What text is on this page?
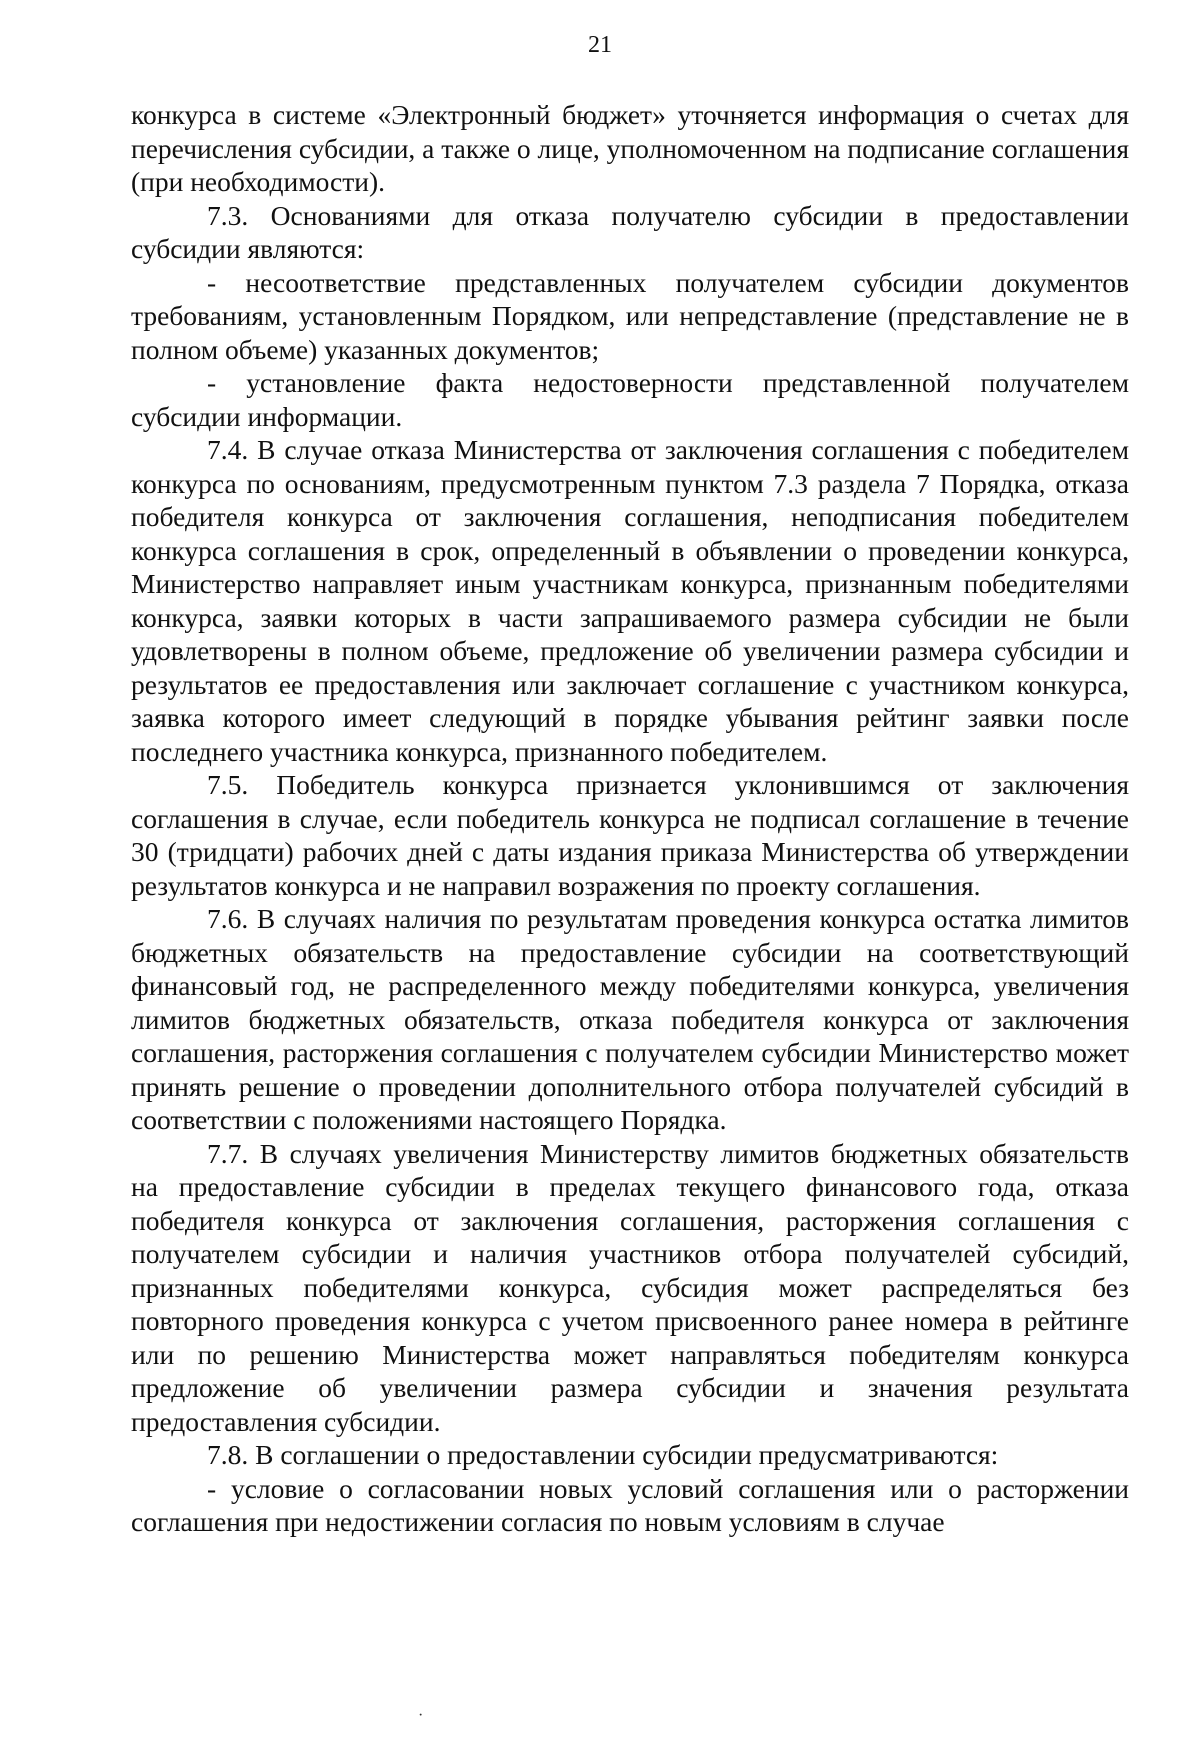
21

конкурса в системе «Электронный бюджет» уточняется информация о счетах для перечисления субсидии, а также о лице, уполномоченном на подписание соглашения (при необходимости).

7.3. Основаниями для отказа получателю субсидии в предоставлении субсидии являются:

- несоответствие представленных получателем субсидии документов требованиям, установленным Порядком, или непредставление (представление не в полном объеме) указанных документов;

- установление факта недостоверности представленной получателем субсидии информации.

7.4. В случае отказа Министерства от заключения соглашения с победителем конкурса по основаниям, предусмотренным пунктом 7.3 раздела 7 Порядка, отказа победителя конкурса от заключения соглашения, неподписания победителем конкурса соглашения в срок, определенный в объявлении о проведении конкурса, Министерство направляет иным участникам конкурса, признанным победителями конкурса, заявки которых в части запрашиваемого размера субсидии не были удовлетворены в полном объеме, предложение об увеличении размера субсидии и результатов ее предоставления или заключает соглашение с участником конкурса, заявка которого имеет следующий в порядке убывания рейтинг заявки после последнего участника конкурса, признанного победителем.

7.5. Победитель конкурса признается уклонившимся от заключения соглашения в случае, если победитель конкурса не подписал соглашение в течение 30 (тридцати) рабочих дней с даты издания приказа Министерства об утверждении результатов конкурса и не направил возражения по проекту соглашения.

7.6. В случаях наличия по результатам проведения конкурса остатка лимитов бюджетных обязательств на предоставление субсидии на соответствующий финансовый год, не распределенного между победителями конкурса, увеличения лимитов бюджетных обязательств, отказа победителя конкурса от заключения соглашения, расторжения соглашения с получателем субсидии Министерство может принять решение о проведении дополнительного отбора получателей субсидий в соответствии с положениями настоящего Порядка.

7.7. В случаях увеличения Министерству лимитов бюджетных обязательств на предоставление субсидии в пределах текущего финансового года, отказа победителя конкурса от заключения соглашения, расторжения соглашения с получателем субсидии и наличия участников отбора получателей субсидий, признанных победителями конкурса, субсидия может распределяться без повторного проведения конкурса с учетом присвоенного ранее номера в рейтинге или по решению Министерства может направляться победителям конкурса предложение об увеличении размера субсидии и значения результата предоставления субсидии.

7.8. В соглашении о предоставлении субсидии предусматриваются:

- условие о согласовании новых условий соглашения или о расторжении соглашения при недостижении согласия по новым условиям в случае

·
